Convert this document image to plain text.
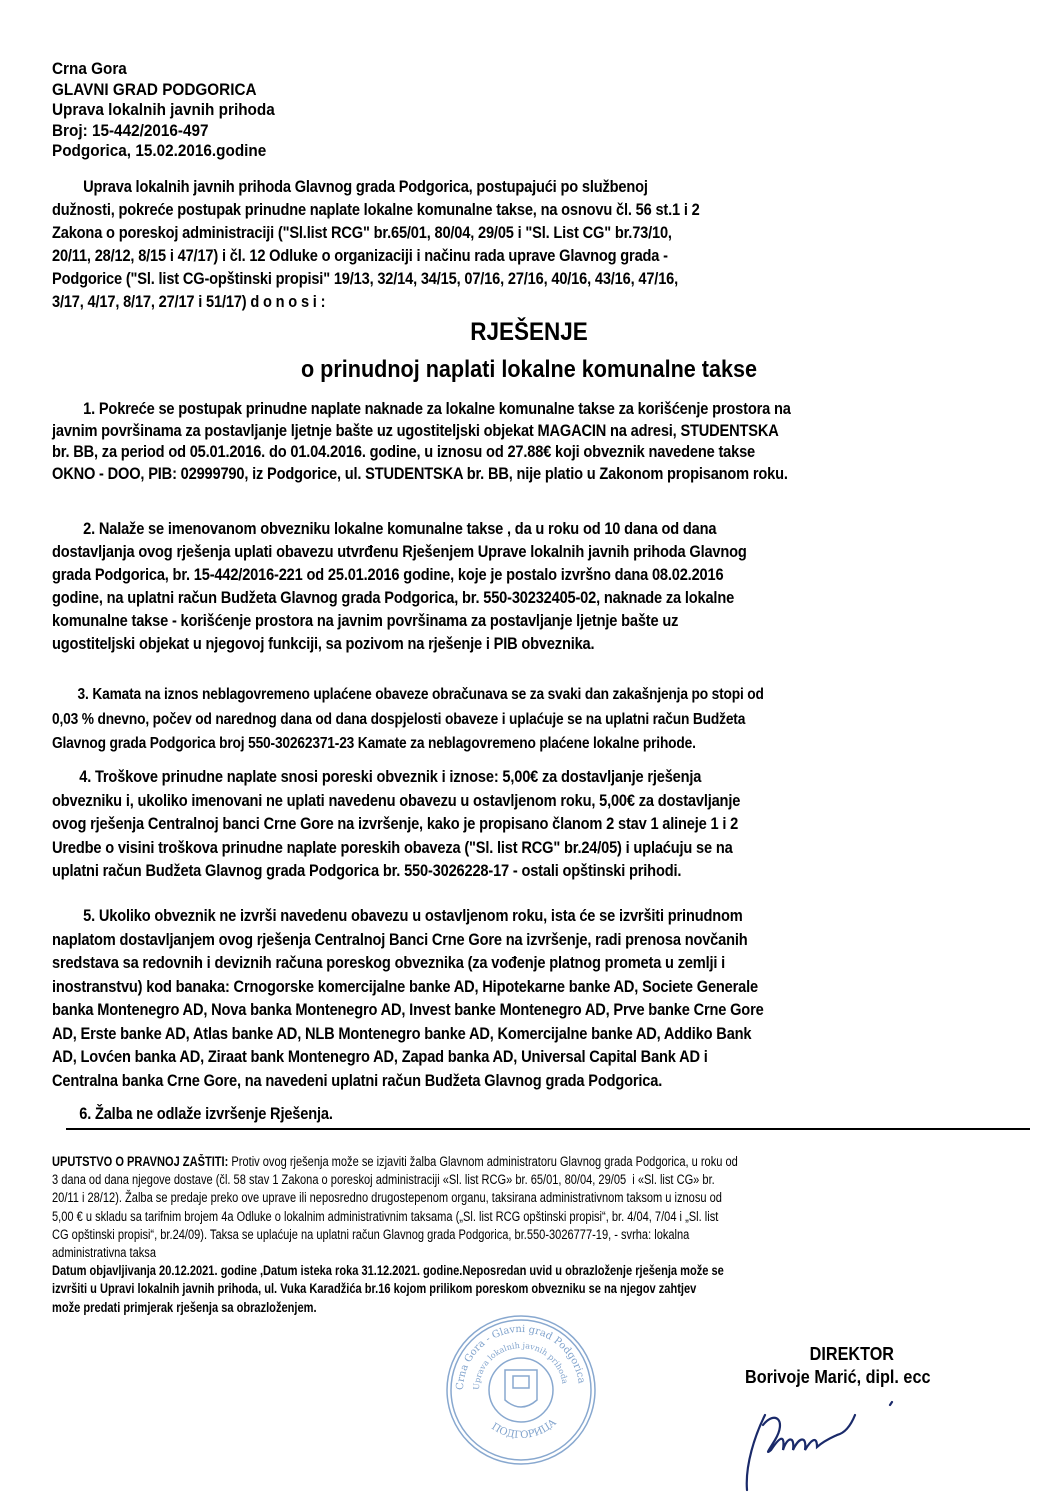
Crna Gora
GLAVNI GRAD PODGORICA
Uprava lokalnih javnih prihoda
Broj: 15-442/2016-497
Podgorica, 15.02.2016.godine
Uprava lokalnih javnih prihoda Glavnog grada Podgorica, postupajući po službenoj
dužnosti, pokreće postupak prinudne naplate lokalne komunalne takse, na osnovu čl. 56 st.1 i 2
Zakona o poreskoj administraciji ("Sl.list RCG" br.65/01, 80/04, 29/05 i "Sl. List CG" br.73/10,
20/11, 28/12, 8/15 i 47/17) i čl. 12 Odluke o organizaciji i načinu rada uprave Glavnog grada -
Podgorice ("Sl. list CG-opštinski propisi" 19/13, 32/14, 34/15, 07/16, 27/16, 40/16, 43/16, 47/16,
3/17, 4/17, 8/17, 27/17 i 51/17) d o n o s i :
RJEŠENJE
o prinudnoj naplati lokalne komunalne takse
1. Pokreće se postupak prinudne naplate naknade za lokalne komunalne takse za korišćenje prostora na
javnim površinama za postavljanje ljetnje bašte uz ugostiteljski objekat MAGACIN na adresi, STUDENTSKA
br. BB, za period od 05.01.2016. do 01.04.2016. godine, u iznosu od 27.88€ koji obveznik navedene takse
OKNO - DOO, PIB: 02999790, iz Podgorice, ul. STUDENTSKA br. BB, nije platio u Zakonom propisanom roku.
2. Nalaže se imenovanom obvezniku lokalne komunalne takse , da u roku od 10 dana od dana
dostavljanja ovog rješenja uplati obavezu utvrđenu Rješenjem Uprave lokalnih javnih prihoda Glavnog
grada Podgorica, br. 15-442/2016-221 od 25.01.2016 godine, koje je postalo izvršno dana 08.02.2016
godine, na uplatni račun Budžeta Glavnog grada Podgorica, br. 550-30232405-02, naknade za lokalne
komunalne takse - korišćenje prostora na javnim površinama za postavljanje ljetnje bašte uz
ugostiteljski objekat u njegovoj funkciji, sa pozivom na rješenje i PIB obveznika.
3. Kamata na iznos neblagovremeno uplaćene obaveze obračunava se za svaki dan zakašnjenja po stopi od
0,03 % dnevno, počev od narednog dana od dana dospjelosti obaveze i uplaćuje se na uplatni račun Budžeta
Glavnog grada Podgorica broj 550-30262371-23 Kamate za neblagovremeno plaćene lokalne prihode.
4. Troškove prinudne naplate snosi poreski obveznik i iznose: 5,00€ za dostavljanje rješenja
obvezniku i, ukoliko imenovani ne uplati navedenu obavezu u ostavljenom roku, 5,00€ za dostavljanje
ovog rješenja Centralnoj banci Crne Gore na izvršenje, kako je propisano članom 2 stav 1 alineje 1 i 2
Uredbe o visini troškova prinudne naplate poreskih obaveza ("Sl. list RCG" br.24/05) i uplaćuju se na
uplatni račun Budžeta Glavnog grada Podgorica br. 550-3026228-17 - ostali opštinski prihodi.
5. Ukoliko obveznik ne izvrši navedenu obavezu u ostavljenom roku, ista će se izvršiti prinudnom
naplatom dostavljanjem ovog rješenja Centralnoj Banci Crne Gore na izvršenje, radi prenosa novčanih
sredstava sa redovnih i deviznih računa poreskog obveznika (za vođenje platnog prometa u zemlji i
inostranstvu) kod banaka: Crnogorske komercijalne banke AD, Hipotekarne banke AD, Societe Generale
banka Montenegro AD, Nova banka Montenegro AD, Invest banke Montenegro AD, Prve banke Crne Gore
AD, Erste banke AD, Atlas banke AD, NLB Montenegro banke AD, Komercijalne banke AD, Addiko Bank
AD, Lovćen banka AD, Ziraat bank Montenegro AD, Zapad banka AD, Universal Capital Bank AD i
Centralna banka Crne Gore, na navedeni uplatni račun Budžeta Glavnog grada Podgorica.
6. Žalba ne odlaže izvršenje Rješenja.
UPUTSTVO O PRAVNOJ ZAŠTITI: Protiv ovog rješenja može se izjaviti žalba Glavnom administratoru Glavnog grada Podgorica, u roku od
3 dana od dana njegove dostave (čl. 58 stav 1 Zakona o poreskoj administraciji «Sl. list RCG» br. 65/01, 80/04, 29/05  i «Sl. list CG» br.
20/11 i 28/12). Žalba se predaje preko ove uprave ili neposredno drugostepenom organu, taksirana administrativnom taksom u iznosu od
5,00 € u skladu sa tarifnim brojem 4a Odluke o lokalnim administrativnim taksama („Sl. list RCG opštinski propisi“, br. 4/04, 7/04 i „Sl. list
CG opštinski propisi“, br.24/09). Taksa se uplaćuje na uplatni račun Glavnog grada Podgorica, br.550-3026777-19, - svrha: lokalna
administrativna taksa
Datum objavljivanja 20.12.2021. godine ,Datum isteka roka 31.12.2021. godine.Neposredan uvid u obrazloženje rješenja može se
izvršiti u Upravi lokalnih javnih prihoda, ul. Vuka Karadžića br.16 kojom prilikom poreskom obvezniku se na njegov zahtjev
može predati primjerak rješenja sa obrazloženjem.
Crna Gora - Glavni grad Podgorica
Uprava lokalnih javnih prihoda
ПОДГОРИЦА
DIREKTOR
Borivoje Marić, dipl. ecc
